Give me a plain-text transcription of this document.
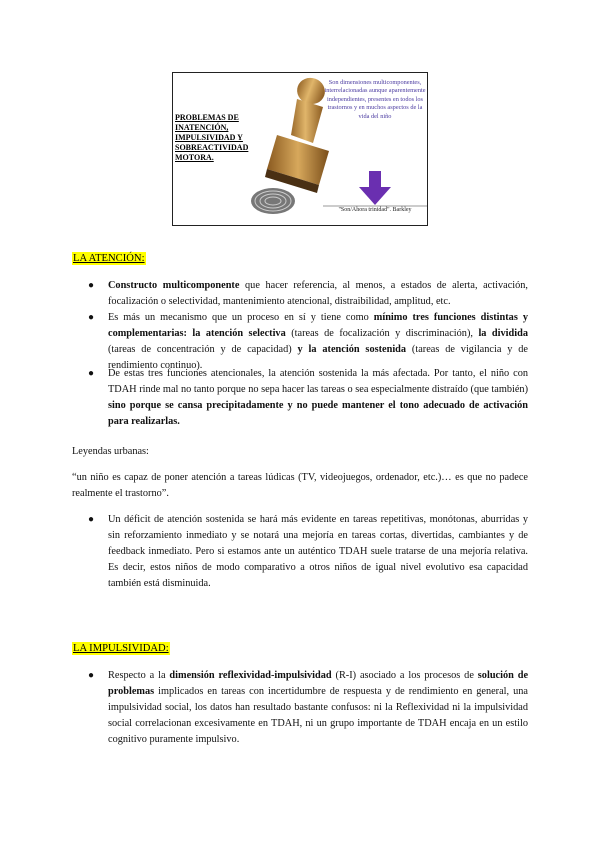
PROBLEMAS DE INATENCIÓN, IMPULSIVIDAD Y SOBREACTIVIDAD MOTORA.
Son dimensiones multicomponentes, interrelacionadas aunque aparentemente independientes, presentes en todos los trastornos y en muchos aspectos de la vida del niño
"Son/Ahora trinidad". Barkley
LA ATENCIÓN:
●	Constructo multicomponente que hacer referencia, al menos, a estados de alerta, activación, focalización o selectividad, mantenimiento atencional, distraibilidad, amplitud, etc.

●	Es más un mecanismo que un proceso en sí y tiene como mínimo tres funciones distintas y complementarias: la atención selectiva (tareas de focalización y discriminación), la dividida (tareas de concentración y de capacidad) y la atención sostenida (tareas de vigilancia y de rendimiento continuo).

●	De estas tres funciones atencionales, la atención sostenida la más afectada. Por tanto, el niño con TDAH rinde mal no tanto porque no sepa hacer las tareas o sea especialmente distraído (que también) sino porque se cansa precipitadamente y no puede mantener el tono adecuado de activación para realizarlas.

Leyendas urbanas:

“un niño es capaz de poner atención a tareas lúdicas (TV, videojuegos, ordenador, etc.)… es que no padece realmente el trastorno”.

●	Un déficit de atención sostenida se hará más evidente en tareas repetitivas, monótonas, aburridas y sin reforzamiento inmediato y se notará una mejoría en tareas cortas, divertidas, cambiantes y de feedback inmediato. Pero si estamos ante un auténtico TDAH suele tratarse de una mejoría relativa. Es decir, estos niños de modo comparativo a otros niños de igual nivel evolutivo esa capacidad también está disminuida.

LA IMPULSIVIDAD:
●	Respecto a la dimensión reflexividad-impulsividad (R-I) asociado a los procesos de solución de problemas implicados en tareas con incertidumbre de respuesta y de rendimiento en general, una impulsividad social, los datos han resultado bastante confusos: ni la Reflexividad ni la impulsividad social correlacionan excesivamente en TDAH, ni un grupo importante de TDAH encaja en un estilo cognitivo puramente impulsivo.
